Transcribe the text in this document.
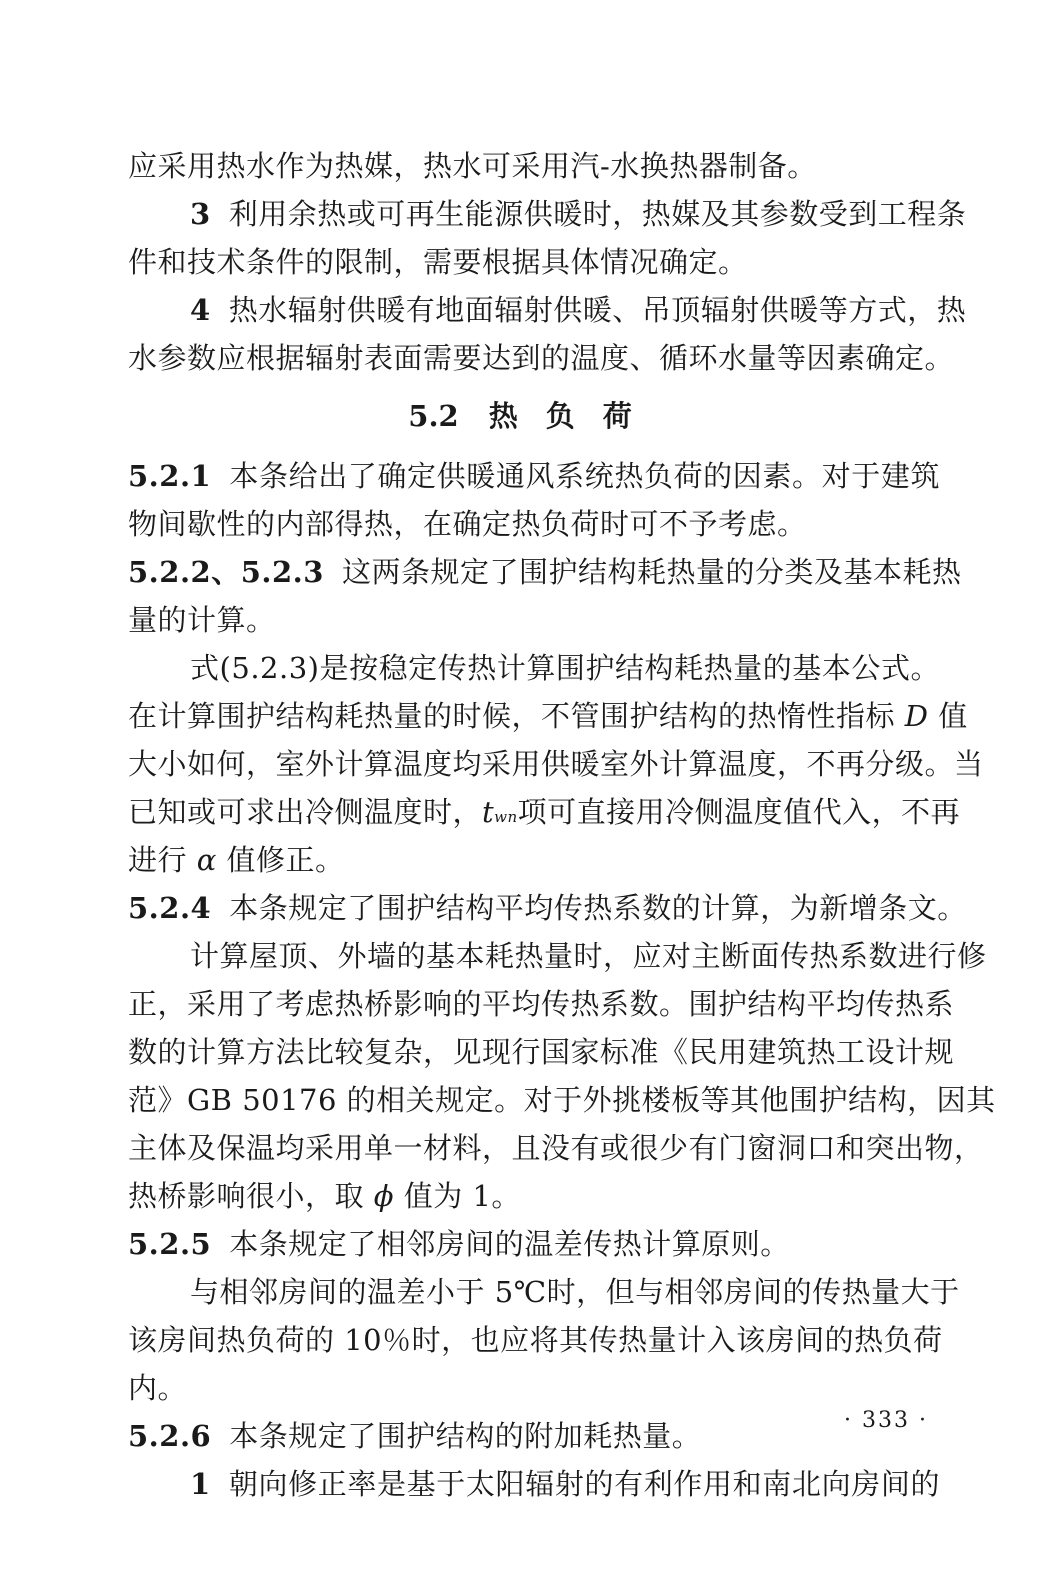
应采用热水作为热媒，热水可采用汽-水换热器制备。
3 利用余热或可再生能源供暖时，热媒及其参数受到工程条
件和技术条件的限制，需要根据具体情况确定。
4 热水辐射供暖有地面辐射供暖、吊顶辐射供暖等方式，热
水参数应根据辐射表面需要达到的温度、循环水量等因素确定。
5.2 热负荷
5.2.1 本条给出了确定供暖通风系统热负荷的因素。对于建筑
物间歇性的内部得热，在确定热负荷时可不予考虑。
5.2.2、5.2.3 这两条规定了围护结构耗热量的分类及基本耗热
量的计算。
式(5.2.3)是按稳定传热计算围护结构耗热量的基本公式。
在计算围护结构耗热量的时候，不管围护结构的热惰性指标 D 值
大小如何，室外计算温度均采用供暖室外计算温度，不再分级。当
已知或可求出冷侧温度时，twn项可直接用冷侧温度值代入，不再
进行 α 值修正。
5.2.4 本条规定了围护结构平均传热系数的计算，为新增条文。
计算屋顶、外墙的基本耗热量时，应对主断面传热系数进行修
正，采用了考虑热桥影响的平均传热系数。围护结构平均传热系
数的计算方法比较复杂，见现行国家标准《民用建筑热工设计规
范》GB 50176 的相关规定。对于外挑楼板等其他围护结构，因其
主体及保温均采用单一材料，且没有或很少有门窗洞口和突出物，
热桥影响很小，取 ϕ 值为 1。
5.2.5 本条规定了相邻房间的温差传热计算原则。
与相邻房间的温差小于 5℃时，但与相邻房间的传热量大于
该房间热负荷的 10％时，也应将其传热量计入该房间的热负荷
内。
5.2.6 本条规定了围护结构的附加耗热量。
1 朝向修正率是基于太阳辐射的有利作用和南北向房间的
· 333 ·
